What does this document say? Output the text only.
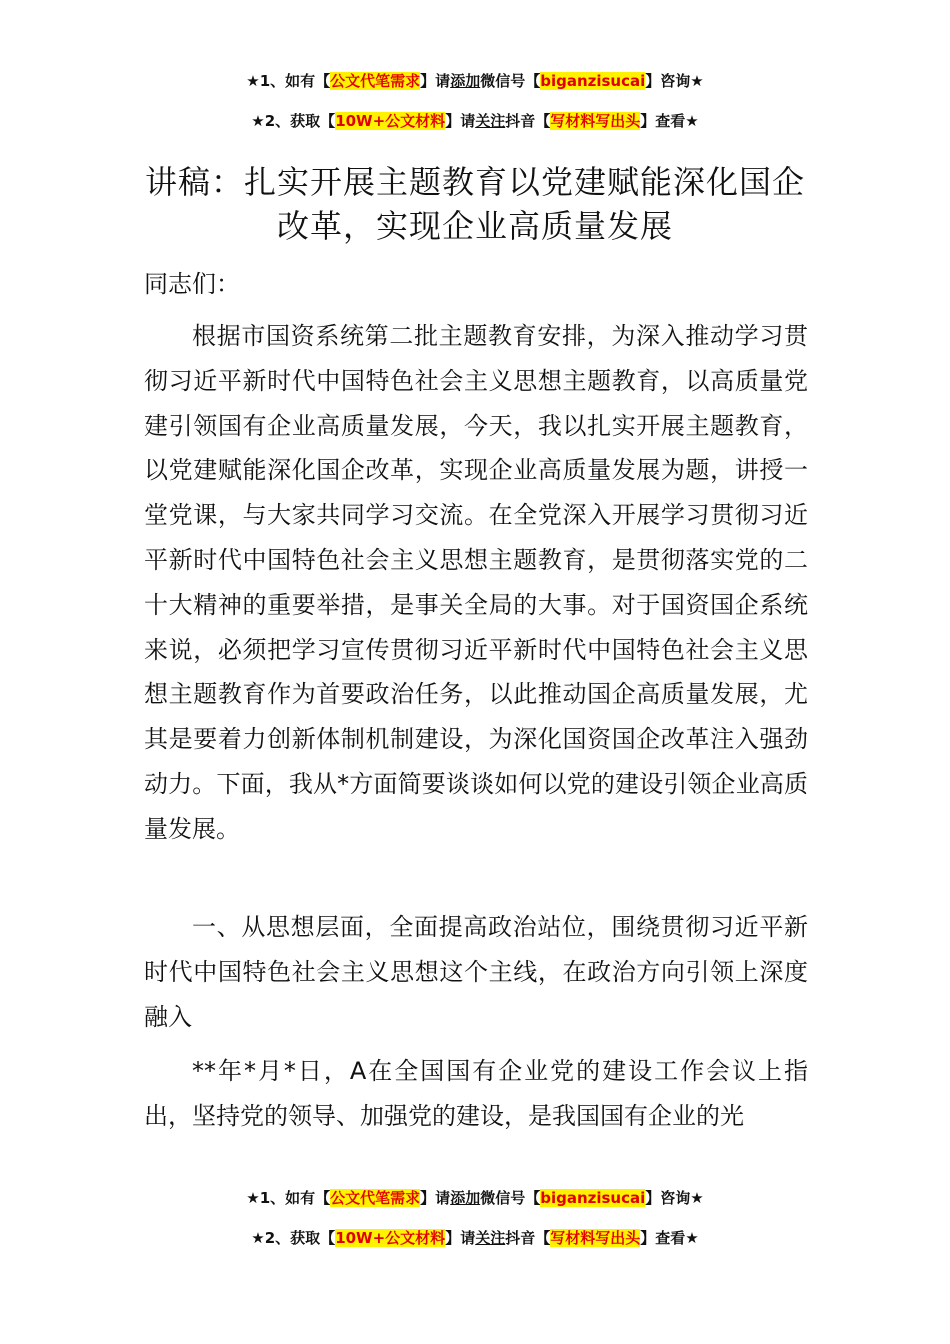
★1、如有【公文代笔需求】请添加微信号【biganzisucai】咨询★
★2、获取【10W+公文材料】请关注抖音【写材料写出头】查看★
讲稿：扎实开展主题教育以党建赋能深化国企改革，实现企业高质量发展
同志们：
根据市国资系统第二批主题教育安排，为深入推动学习贯彻习近平新时代中国特色社会主义思想主题教育，以高质量党建引领国有企业高质量发展，今天，我以扎实开展主题教育，以党建赋能深化国企改革，实现企业高质量发展为题，讲授一堂党课，与大家共同学习交流。在全党深入开展学习贯彻习近平新时代中国特色社会主义思想主题教育，是贯彻落实党的二十大精神的重要举措，是事关全局的大事。对于国资国企系统来说，必须把学习宣传贯彻习近平新时代中国特色社会主义思想主题教育作为首要政治任务，以此推动国企高质量发展，尤其是要着力创新体制机制建设，为深化国资国企改革注入强劲动力。下面，我从*方面简要谈谈如何以党的建设引领企业高质量发展。
一、从思想层面，全面提高政治站位，围绕贯彻习近平新时代中国特色社会主义思想这个主线，在政治方向引领上深度融入
**年*月*日，A在全国国有企业党的建设工作会议上指出，坚持党的领导、加强党的建设，是我国国有企业的光
★1、如有【公文代笔需求】请添加微信号【biganzisucai】咨询★
★2、获取【10W+公文材料】请关注抖音【写材料写出头】查看★
